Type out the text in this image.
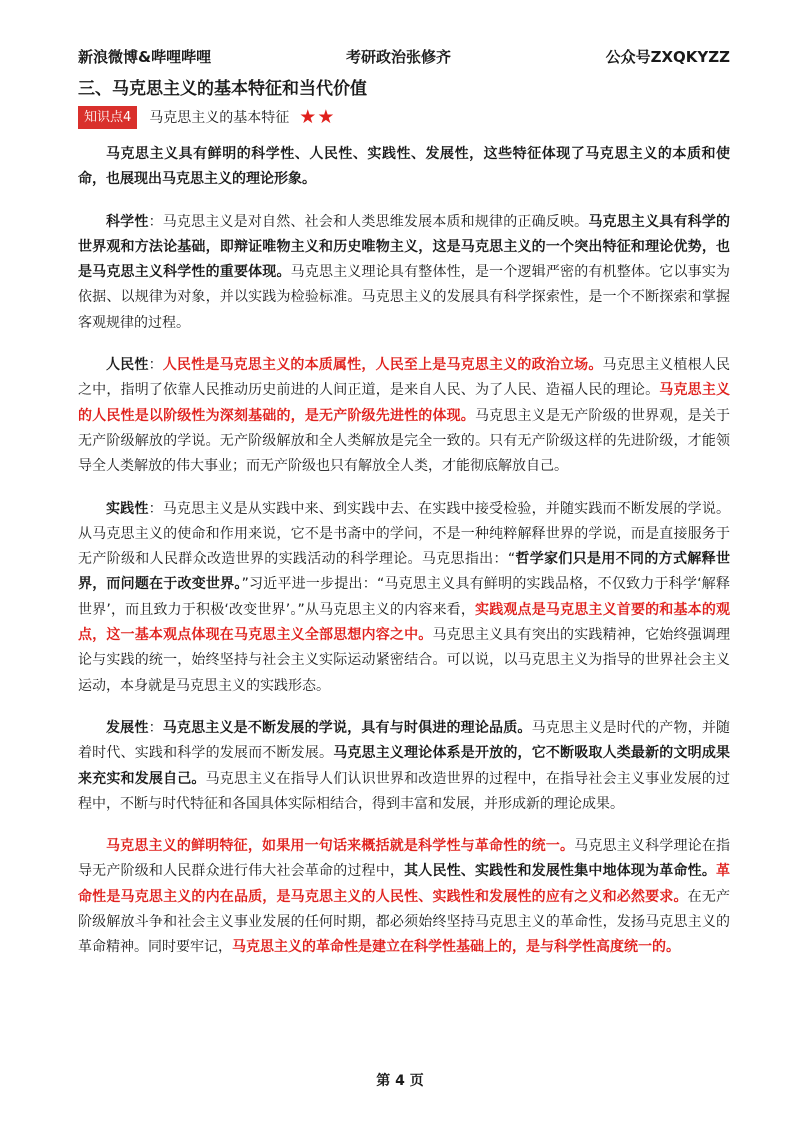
新浪微博&哔哩哔哩	考研政治张修齐	公众号ZXQKYZZ
三、马克思主义的基本特征和当代价值
知识点4	马克思主义的基本特征 ★★

马克思主义具有鲜明的科学性、人民性、实践性、发展性，这些特征体现了马克思主义的本质和使命，也展现出马克思主义的理论形象。

科学性：马克思主义是对自然、社会和人类思维发展本质和规律的正确反映。马克思主义具有科学的世界观和方法论基础，即辩证唯物主义和历史唯物主义，这是马克思主义的一个突出特征和理论优势，也是马克思主义科学性的重要体现。马克思主义理论具有整体性，是一个逻辑严密的有机整体。它以事实为依据、以规律为对象，并以实践为检验标准。马克思主义的发展具有科学探索性，是一个不断探索和掌握客观规律的过程。

人民性：人民性是马克思主义的本质属性，人民至上是马克思主义的政治立场。马克思主义植根人民之中，指明了依靠人民推动历史前进的人间正道，是来自人民、为了人民、造福人民的理论。马克思主义的人民性是以阶级性为深刻基础的，是无产阶级先进性的体现。马克思主义是无产阶级的世界观，是关于无产阶级解放的学说。无产阶级解放和全人类解放是完全一致的。只有无产阶级这样的先进阶级，才能领导全人类解放的伟大事业；而无产阶级也只有解放全人类，才能彻底解放自己。

实践性：马克思主义是从实践中来、到实践中去、在实践中接受检验，并随实践而不断发展的学说。从马克思主义的使命和作用来说，它不是书斋中的学问，不是一种纯粹解释世界的学说，而是直接服务于无产阶级和人民群众改造世界的实践活动的科学理论。马克思指出：“哲学家们只是用不同的方式解释世界，而问题在于改变世界。”习近平进一步提出：“马克思主义具有鲜明的实践品格，不仅致力于科学‘解释世界’，而且致力于积极‘改变世界’。”从马克思主义的内容来看，实践观点是马克思主义首要的和基本的观点，这一基本观点体现在马克思主义全部思想内容之中。马克思主义具有突出的实践精神，它始终强调理论与实践的统一，始终坚持与社会主义实际运动紧密结合。可以说，以马克思主义为指导的世界社会主义运动，本身就是马克思主义的实践形态。

发展性：马克思主义是不断发展的学说，具有与时俱进的理论品质。马克思主义是时代的产物，并随着时代、实践和科学的发展而不断发展。马克思主义理论体系是开放的，它不断吸取人类最新的文明成果来充实和发展自己。马克思主义在指导人们认识世界和改造世界的过程中，在指导社会主义事业发展的过程中，不断与时代特征和各国具体实际相结合，得到丰富和发展，并形成新的理论成果。

马克思主义的鲜明特征，如果用一句话来概括就是科学性与革命性的统一。马克思主义科学理论在指导无产阶级和人民群众进行伟大社会革命的过程中，其人民性、实践性和发展性集中地体现为革命性。革命性是马克思主义的内在品质，是马克思主义的人民性、实践性和发展性的应有之义和必然要求。在无产阶级解放斗争和社会主义事业发展的任何时期，都必须始终坚持马克思主义的革命性，发扬马克思主义的革命精神。同时要牢记，马克思主义的革命性是建立在科学性基础上的，是与科学性高度统一的。

第 4 页
